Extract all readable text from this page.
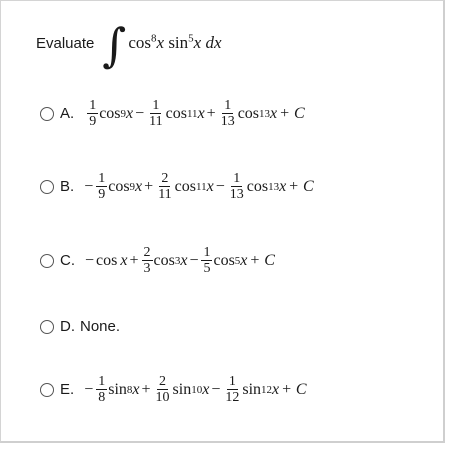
Evaluate ∫ $\cos^8x$ $\sin^5x$ dx
A. $\frac{1}{9}$ cos 9 $x - \frac{1}{11}$ cos 11 $x + \frac{1}{13}$ cos 13 x + C
B. − $\frac{1}{9}$ cos 9 $x + \frac{2}{11}$ cos 11 $x - \frac{1}{13}$ cos 13 x + C
C. − $\cos x + \frac{2}{3}$ cos 3 $x - \frac{1}{5}$ cos 5 x + C
D. None.
E. − $\frac{1}{8}$ sin 8 $x + \frac{2}{10}$ sin 10 $x - \frac{1}{12}$ sin 12 x + C
